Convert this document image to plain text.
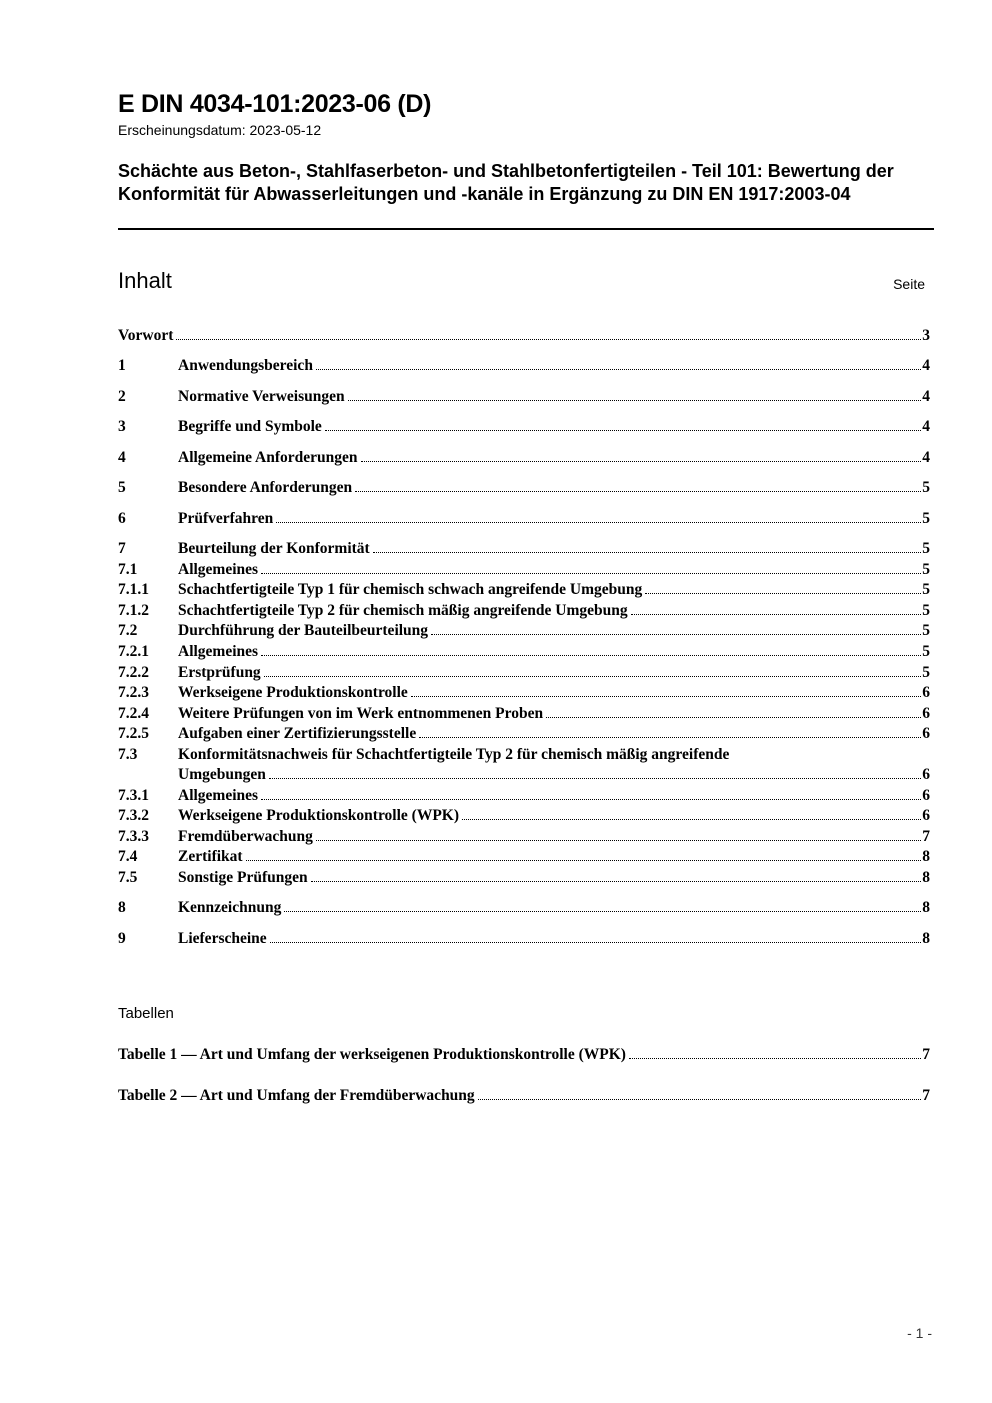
E DIN 4034-101:2023-06 (D)
Erscheinungsdatum: 2023-05-12
Schächte aus Beton-, Stahlfaserbeton- und Stahlbetonfertigteilen - Teil 101: Bewertung der Konformität für Abwasserleitungen und -kanäle in Ergänzung zu DIN EN 1917:2003-04
Inhalt	Seite
Vorwort	3
1	Anwendungsbereich	4
2	Normative Verweisungen	4
3	Begriffe und Symbole	4
4	Allgemeine Anforderungen	4
5	Besondere Anforderungen	5
6	Prüfverfahren	5
7	Beurteilung der Konformität	5
7.1	Allgemeines	5
7.1.1 Schachtfertigteile Typ 1 für chemisch schwach angreifende Umgebung	5
7.1.2 Schachtfertigteile Typ 2 für chemisch mäßig angreifende Umgebung	5
7.2	Durchführung der Bauteilbeurteilung	5
7.2.1 Allgemeines	5
7.2.2 Erstprüfung	5
7.2.3 Werkseigene Produktionskontrolle	6
7.2.4 Weitere Prüfungen von im Werk entnommenen Proben	6
7.2.5 Aufgaben einer Zertifizierungsstelle	6
7.3	Konformitätsnachweis für Schachtfertigteile Typ 2 für chemisch mäßig angreifende
Umgebungen	6
7.3.1 Allgemeines	6
7.3.2 Werkseigene Produktionskontrolle (WPK)	6
7.3.3 Fremdüberwachung	7
7.4	Zertifikat	8
7.5	Sonstige Prüfungen	8
8	Kennzeichnung	8
9	Lieferscheine	8
Tabellen
Tabelle 1 — Art und Umfang der werkseigenen Produktionskontrolle (WPK)	7
Tabelle 2 — Art und Umfang der Fremdüberwachung	7
- 1 -
